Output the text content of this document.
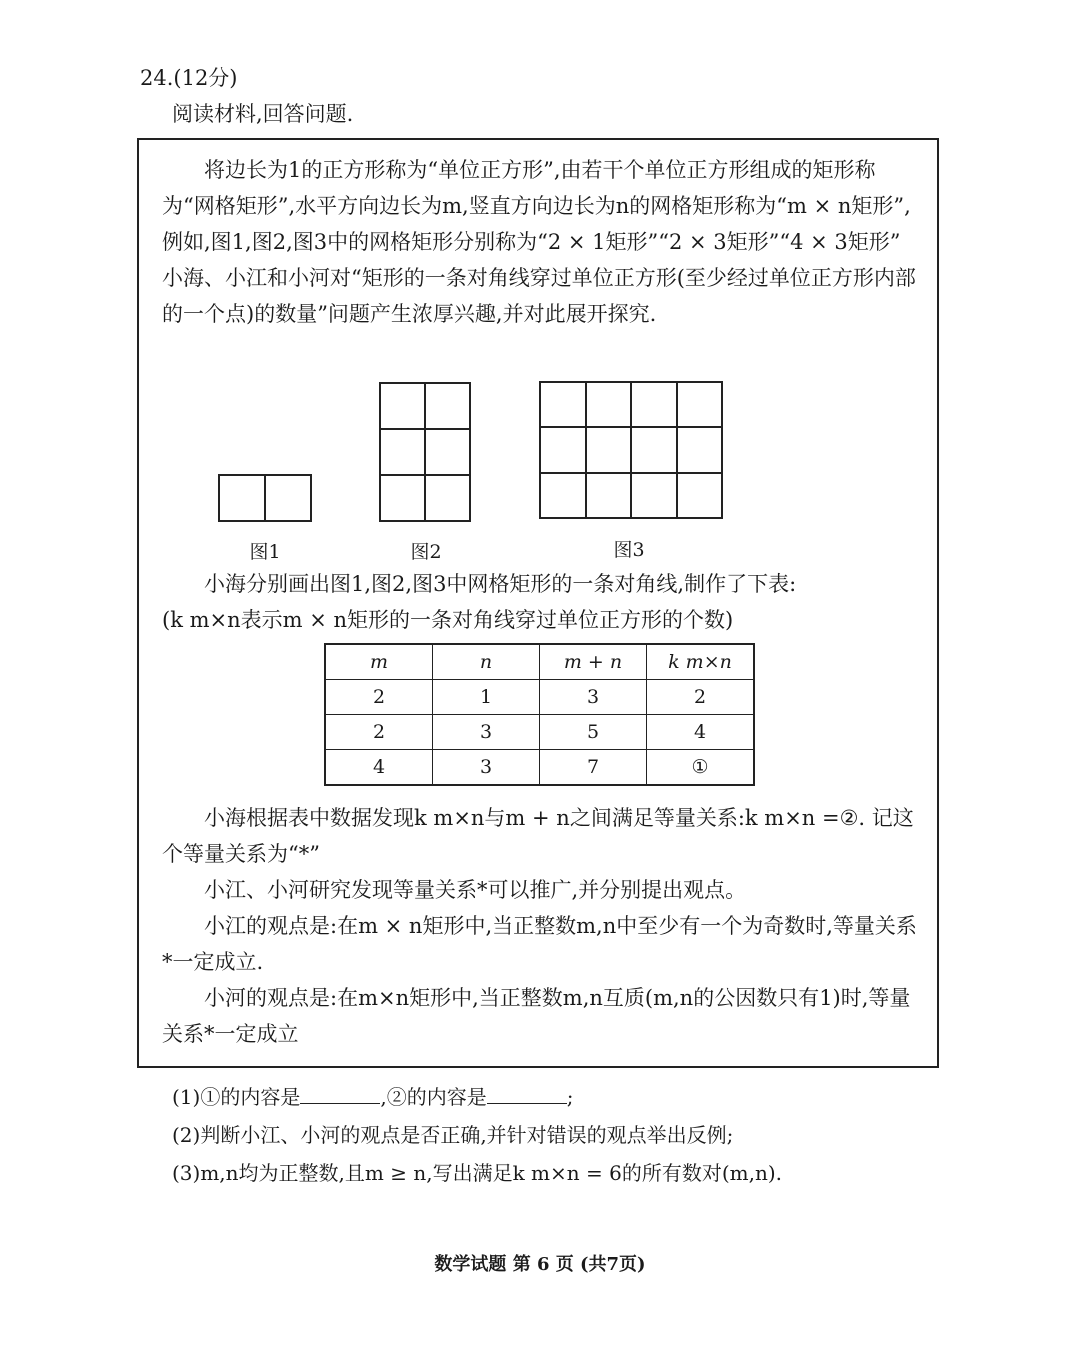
24.(12分)
阅读材料,回答问题.

将边长为1的正方形称为“单位正方形”,由若干个单位正方形组成的矩形称为“网格矩形”,水平方向边长为m,竖直方向边长为n的网格矩形称为“m × n矩形”,例如,图1,图2,图3中的网格矩形分别称为“2 × 1矩形”“2 × 3矩形”“4 × 3矩形” 小海、小江和小河对“矩形的一条对角线穿过单位正方形(至少经过单位正方形内部的一个点)的数量”问题产生浓厚兴趣,并对此展开探究.

图1

		图2

				图3

小海分别画出图1,图2,图3中网格矩形的一条对角线,制作了下表:

(k m×n表示m × n矩形的一条对角线穿过单位正方形的个数)

m	n	m + n	k m×n
2	1	3	2
2	3	5	4
4	3	7	①

小海根据表中数据发现k m×n与m + n之间满足等量关系:k m×n =②. 记这个等量关系为“*”

小江、小河研究发现等量关系*可以推广,并分别提出观点。

小江的观点是:在m × n矩形中,当正整数m,n中至少有一个为奇数时,等量关系*一定成立.

小河的观点是:在m×n矩形中,当正整数m,n互质(m,n的公因数只有1)时,等量关系*一定成立

(1)①的内容是	,②的内容是	;

(2)判断小江、小河的观点是否正确,并针对错误的观点举出反例;

(3)m,n均为正整数,且m ≥ n,写出满足k m×n = 6的所有数对(m,n).

数学试题 第 6 页 (共7页)
